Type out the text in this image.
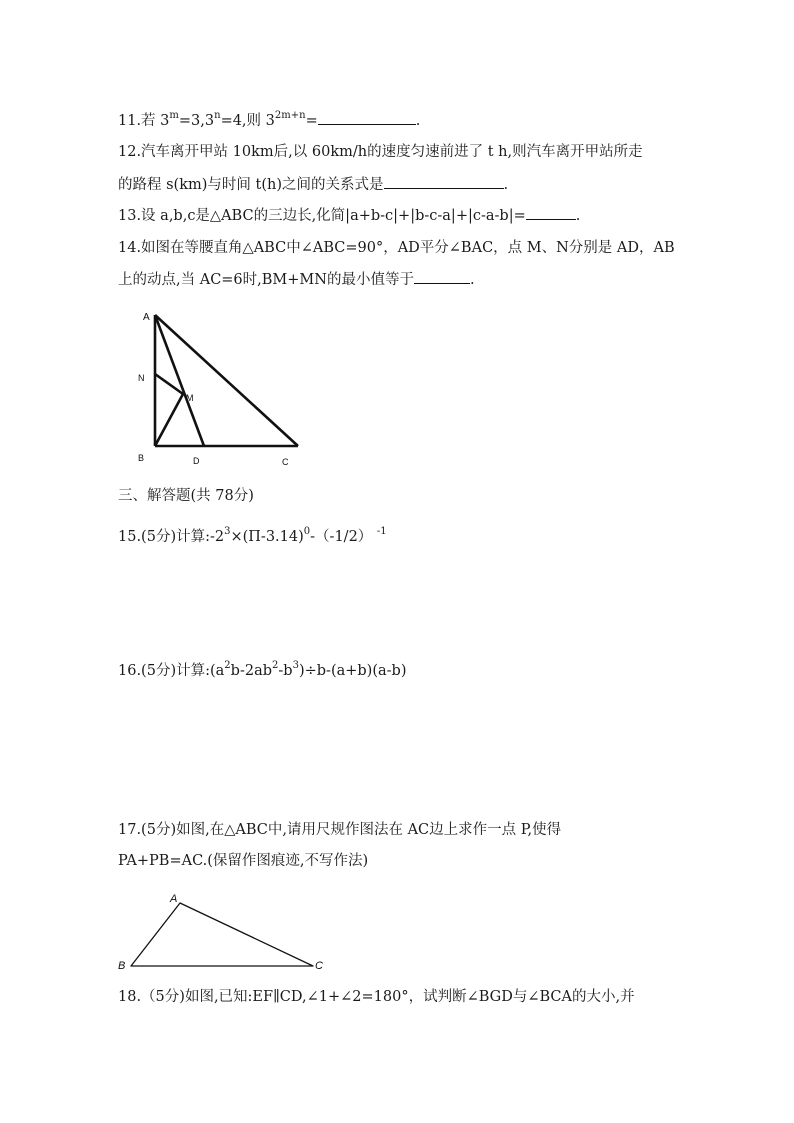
11.若 $3^m=3,3^n=4$,则 $3^{2m+n}=$	.
12.汽车离开甲站 10km后,以 60km/h的速度匀速前进了 t h,则汽车离开甲站所走
的路程 s(km)与时间 t(h)之间的关系式是	.
13.设 a,b,c是△ABC的三边长,化简|a+b-c|+|b-c-a|+|c-a-b|=	.
14.如图在等腰直角△ABC中∠ABC=90°，AD平分∠BAC，点 M、N分别是 AD，AB
上的动点,当 AC=6时,BM+MN的最小值等于	.
A
N
M
B	D	C
三、解答题(共 78分)
15.(5分)计算$:-2^3\times(\Pi-3.14)^0-(-1/2)$ $^{-1}$
16.(5分)计算$:(a^2b-2ab^2-b^3)\div b-(a+b)(a-b)$
17.(5分)如图,在△ABC中,请用尺规作图法在 AC边上求作一点 P,使得
PA+PB=AC.(保留作图痕迹,不写作法)
A
B	C
18.（5分)如图,已知:EF∥CD,∠1+∠2=180°，试判断∠BGD与∠BCA的大小,并
